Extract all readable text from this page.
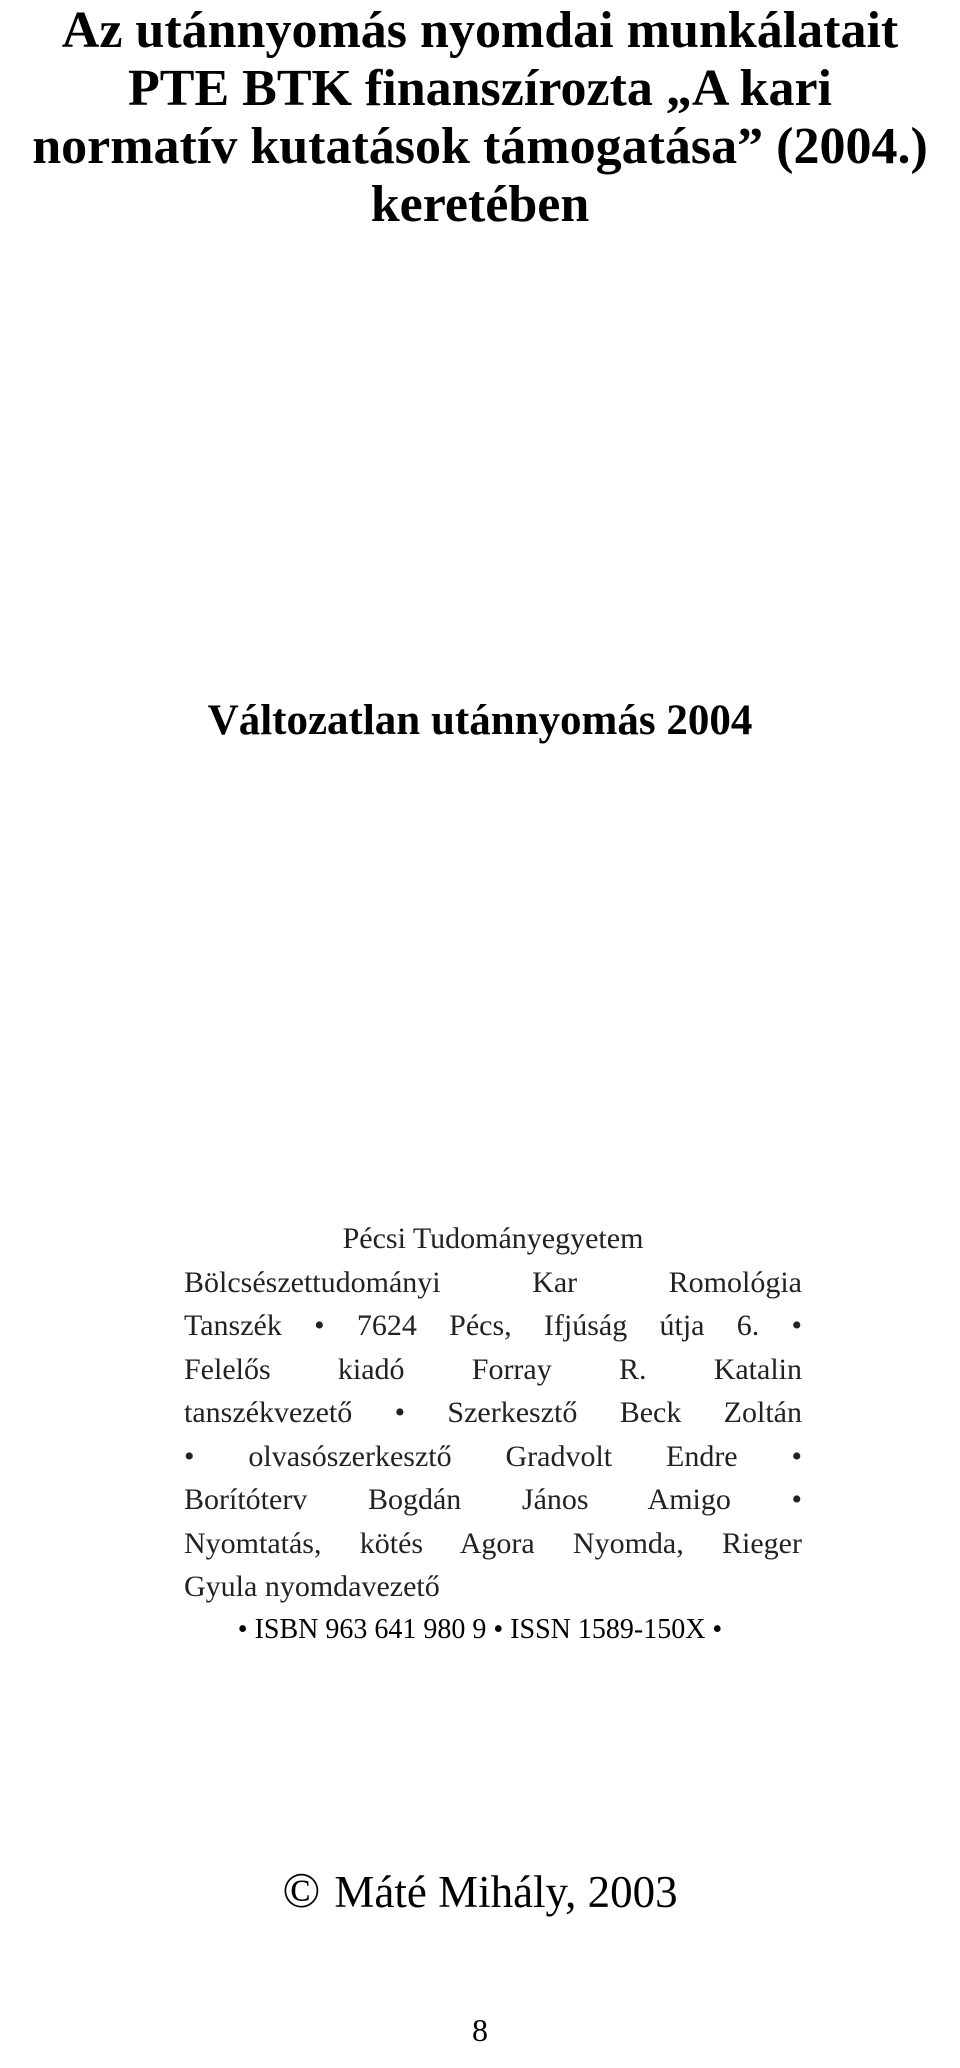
Az utánnyomás nyomdai munkálatait
PTE BTK finanszírozta „A kari
normatív kutatások támogatása” (2004.)
keretében
Változatlan utánnyomás 2004
Pécsi Tudományegyetem
Bölcsészettudományi Kar Romológia
Tanszék • 7624 Pécs, Ifjúság útja 6. •
Felelős kiadó Forray R. Katalin
tanszékvezető • Szerkesztő Beck Zoltán
• olvasószerkesztő Gradvolt Endre •
Borítóterv Bogdán János Amigo •
Nyomtatás, kötés Agora Nyomda, Rieger
Gyula nyomdavezető
• ISBN 963 641 980 9 • ISSN 1589-150X •
© Máté Mihály, 2003
8
